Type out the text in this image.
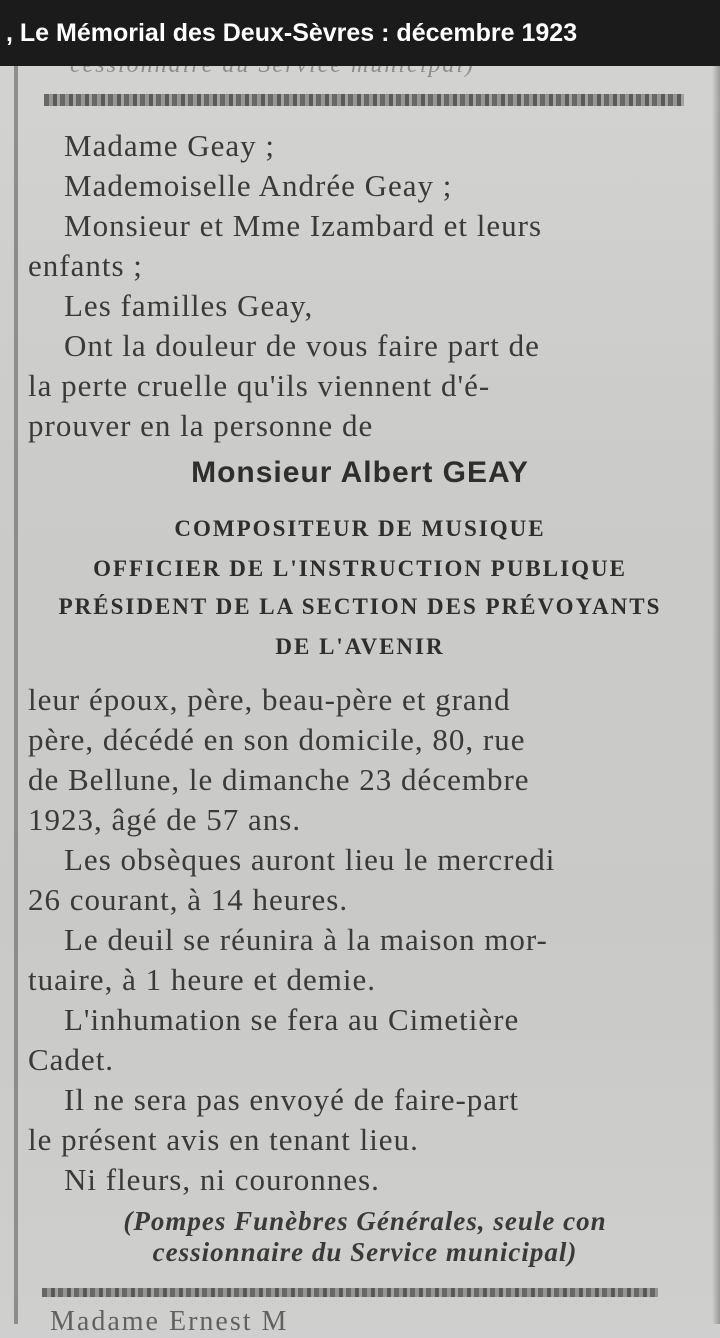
Madame Geay ;
Mademoiselle Andrée Geay ;
Monsieur et Mme Izambard et leurs
enfants ;
Les familles Geay,
Ont la douleur de vous faire part de
la perte cruelle qu'ils viennent d'é-
prouver en la personne de
Monsieur Albert GEAY
COMPOSITEUR DE MUSIQUE
OFFICIER DE L'INSTRUCTION PUBLIQUE
PRÉSIDENT DE LA SECTION DES PRÉVOYANTS
DE L'AVENIR
leur époux, père, beau-père et grand
père, décédé en son domicile, 80, rue
de Bellune, le dimanche 23 décembre
1923, âgé de 57 ans.
Les obsèques auront lieu le mercredi
26 courant, à 14 heures.
Le deuil se réunira à la maison mor-
tuaire, à 1 heure et demie.
L'inhumation se fera au Cimetière
Cadet.
Il ne sera pas envoyé de faire-part
le présent avis en tenant lieu.
Ni fleurs, ni couronnes.
(Pompes Funèbres Générales, seule con
cessionnaire du Service municipal)
Madame Ernest M
, Le Mémorial des Deux-Sèvres : décembre 1923
